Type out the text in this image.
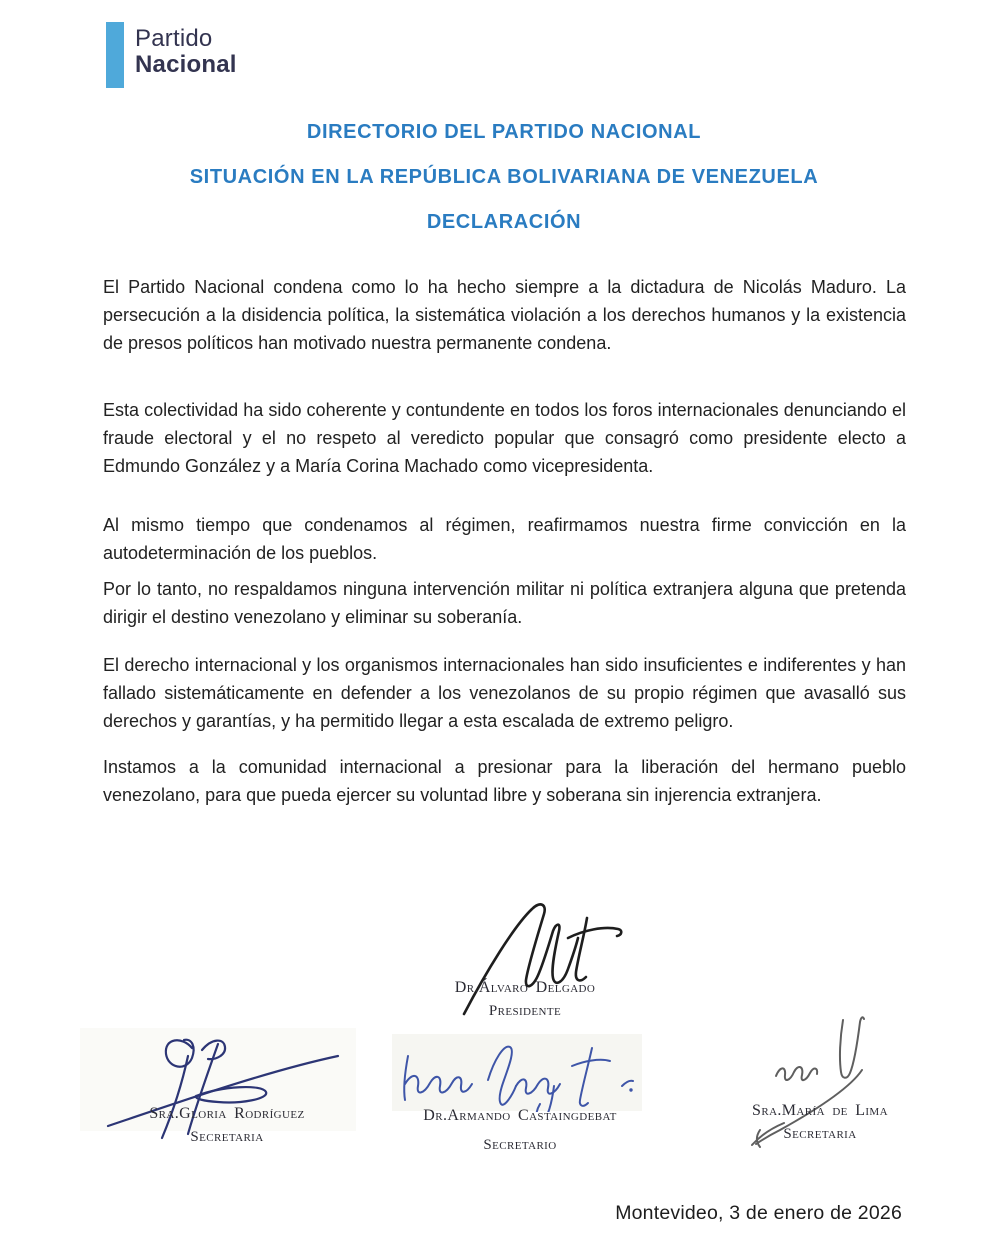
Partido
Nacional
DIRECTORIO DEL PARTIDO NACIONAL
SITUACIÓN EN LA REPÚBLICA BOLIVARIANA DE VENEZUELA
DECLARACIÓN

El Partido Nacional condena como lo ha hecho siempre a la dictadura de Nicolás Maduro. La persecución a la disidencia política, la sistemática violación a los derechos humanos y la existencia de presos políticos han motivado nuestra permanente condena.

Esta colectividad ha sido coherente y contundente en todos los foros internacionales denunciando el fraude electoral y el no respeto al veredicto popular que consagró como presidente electo a Edmundo González y a María Corina Machado como vicepresidenta.

Al mismo tiempo que condenamos al régimen, reafirmamos nuestra firme convicción en la autodeterminación de los pueblos.

Por lo tanto, no respaldamos ninguna intervención militar ni política extranjera alguna que pretenda dirigir el destino venezolano y eliminar su soberanía.

El derecho internacional y los organismos internacionales han sido insuficientes e indiferentes y han fallado sistemáticamente en defender a los venezolanos de su propio régimen que avasalló sus derechos y garantías, y ha permitido llegar a esta escalada de extremo peligro.

Instamos a la comunidad internacional a presionar para la liberación del hermano pueblo venezolano, para que pueda ejercer su voluntad libre y soberana sin injerencia extranjera.

Dr.Álvaro Delgado
Presidente
Sra.Gloria Rodríguez
Secretaria
Dr.Armando Castaingdebat
Secretario
Sra.María de Lima
Secretaria
Montevideo, 3 de enero de 2026
